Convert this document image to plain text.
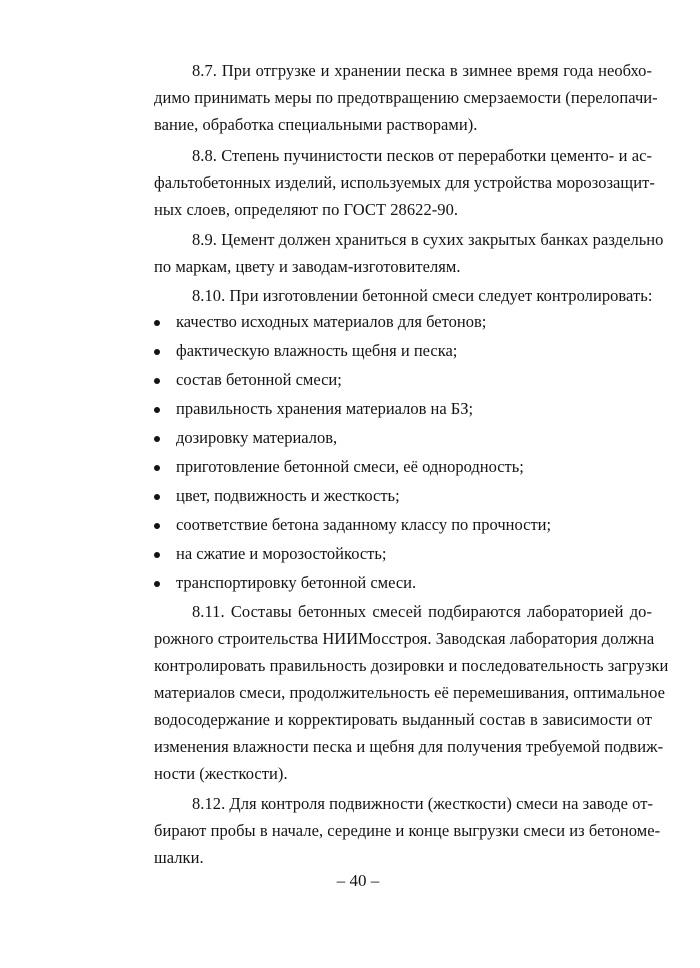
8.7. При отгрузке и хранении песка в зимнее время года необхо-
димо принимать меры по предотвращению смерзаемости (перелопачи-
вание, обработка специальными растворами).
8.8. Степень пучинистости песков от переработки цементо- и ас-
фальтобетонных изделий, используемых для устройства морозозащит-
ных слоев, определяют по ГОСТ 28622-90.
8.9. Цемент должен храниться в сухих закрытых банках раздельно
по маркам, цвету и заводам-изготовителям.
8.10. При изготовлении бетонной смеси следует контролировать:
качество исходных материалов для бетонов;
фактическую влажность щебня и песка;
состав бетонной смеси;
правильность хранения материалов на БЗ;
дозировку материалов,
приготовление бетонной смеси, её однородность;
цвет, подвижность и жесткость;
соответствие бетона заданному классу по прочности;
на сжатие и морозостойкость;
транспортировку бетонной смеси.
8.11. Составы бетонных смесей подбираются лабораторией до-
рожного строительства НИИМосстроя. Заводская лаборатория должна
контролировать правильность дозировки и последовательность загрузки
материалов смеси, продолжительность её перемешивания, оптимальное
водосодержание и корректировать выданный состав в зависимости от
изменения влажности песка и щебня для получения требуемой подвиж-
ности (жесткости).
8.12. Для контроля подвижности (жесткости) смеси на заводе от-
бирают пробы в начале, середине и конце выгрузки смеси из бетономе-
шалки.
– 40 –
